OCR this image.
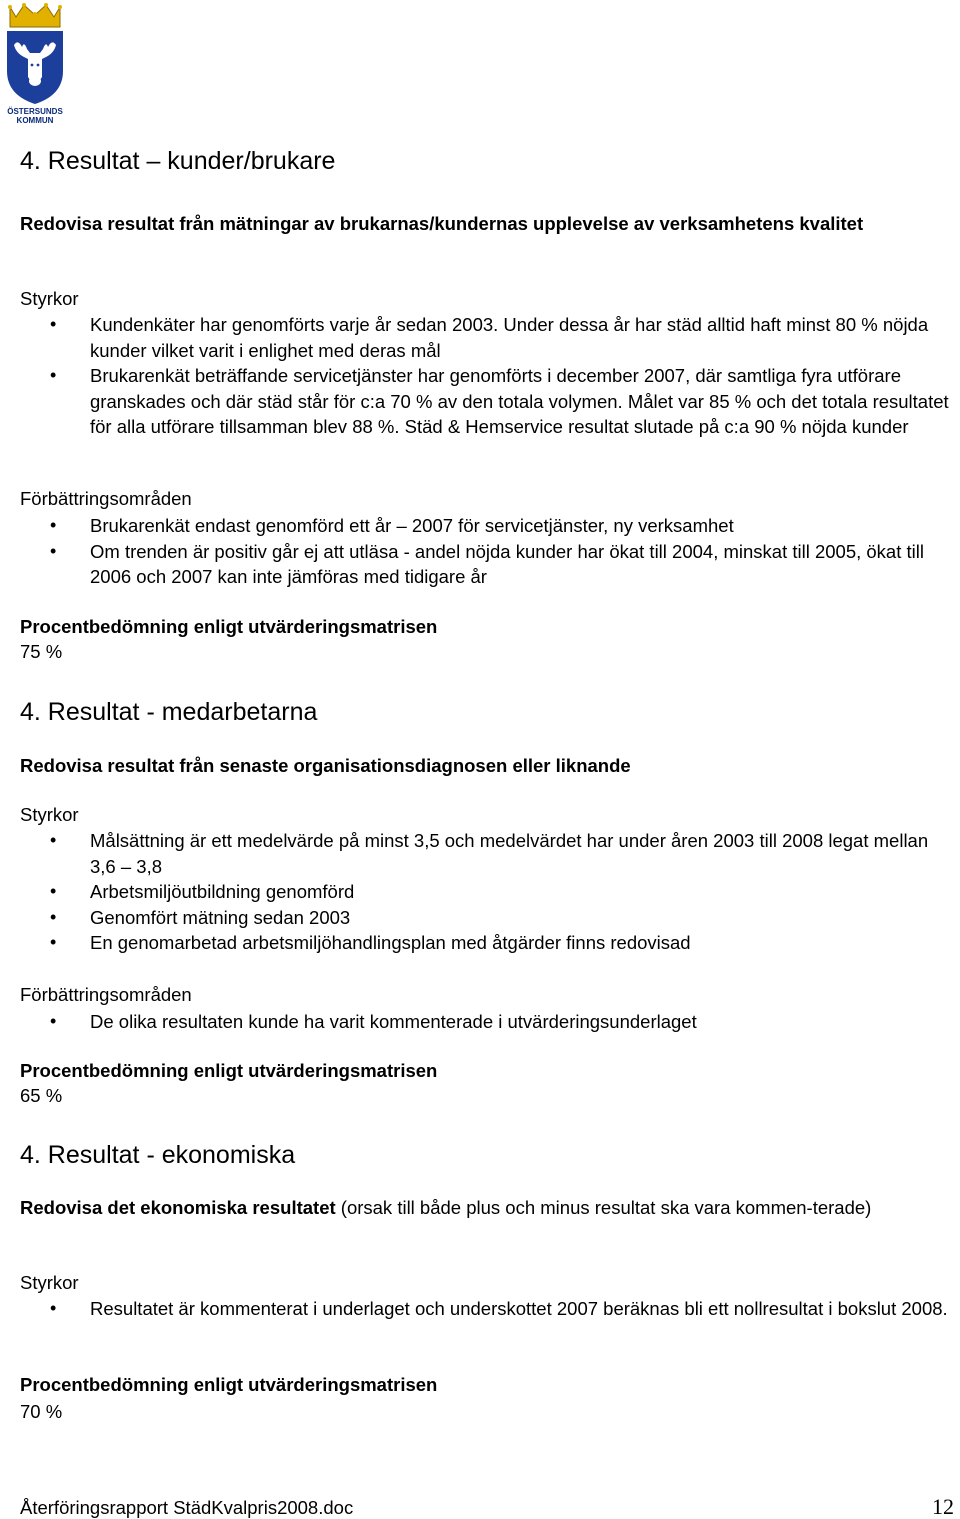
ÖSTERSUNDS
KOMMUN
4. Resultat – kunder/brukare

Redovisa resultat från mätningar av brukarnas/kundernas upplevelse av verksamhetens kvalitet

Styrkor
• Kundenkäter har genomförts varje år sedan 2003. Under dessa år har städ alltid haft minst 80 % nöjda kunder vilket varit i enlighet med deras mål
• Brukarenkät beträffande servicetjänster har genomförts i december 2007, där samtliga fyra utförare granskades och där städ står för c:a 70 % av den totala volymen. Målet var 85 % och det totala resultatet för alla utförare tillsamman blev 88 %. Städ & Hemservice resultat slutade på c:a 90 % nöjda kunder
Förbättringsområden
• Brukarenkät endast genomförd ett år – 2007 för servicetjänster, ny verksamhet
• Om trenden är positiv går ej att utläsa - andel nöjda kunder har ökat till 2004, minskat till 2005, ökat till 2006 och 2007 kan inte jämföras med tidigare år
Procentbedömning enligt utvärderingsmatrisen
75 %
4. Resultat - medarbetarna

Redovisa resultat från senaste organisationsdiagnosen eller liknande

Styrkor
• Målsättning är ett medelvärde på minst 3,5 och medelvärdet har under åren 2003 till 2008 legat mellan 3,6 – 3,8
• Arbetsmiljöutbildning genomförd
• Genomfört mätning sedan 2003
• En genomarbetad arbetsmiljöhandlingsplan med åtgärder finns redovisad
Förbättringsområden
• De olika resultaten kunde ha varit kommenterade i utvärderingsunderlaget
Procentbedömning enligt utvärderingsmatrisen
65 %
4. Resultat - ekonomiska

Redovisa det ekonomiska resultatet (orsak till både plus och minus resultat ska vara kommen-terade)

Styrkor
• Resultatet är kommenterat i underlaget och underskottet 2007 beräknas bli ett nollresultat i bokslut 2008.
Procentbedömning enligt utvärderingsmatrisen
70 %
Återföringsrapport StädKvalpris2008.doc	12
